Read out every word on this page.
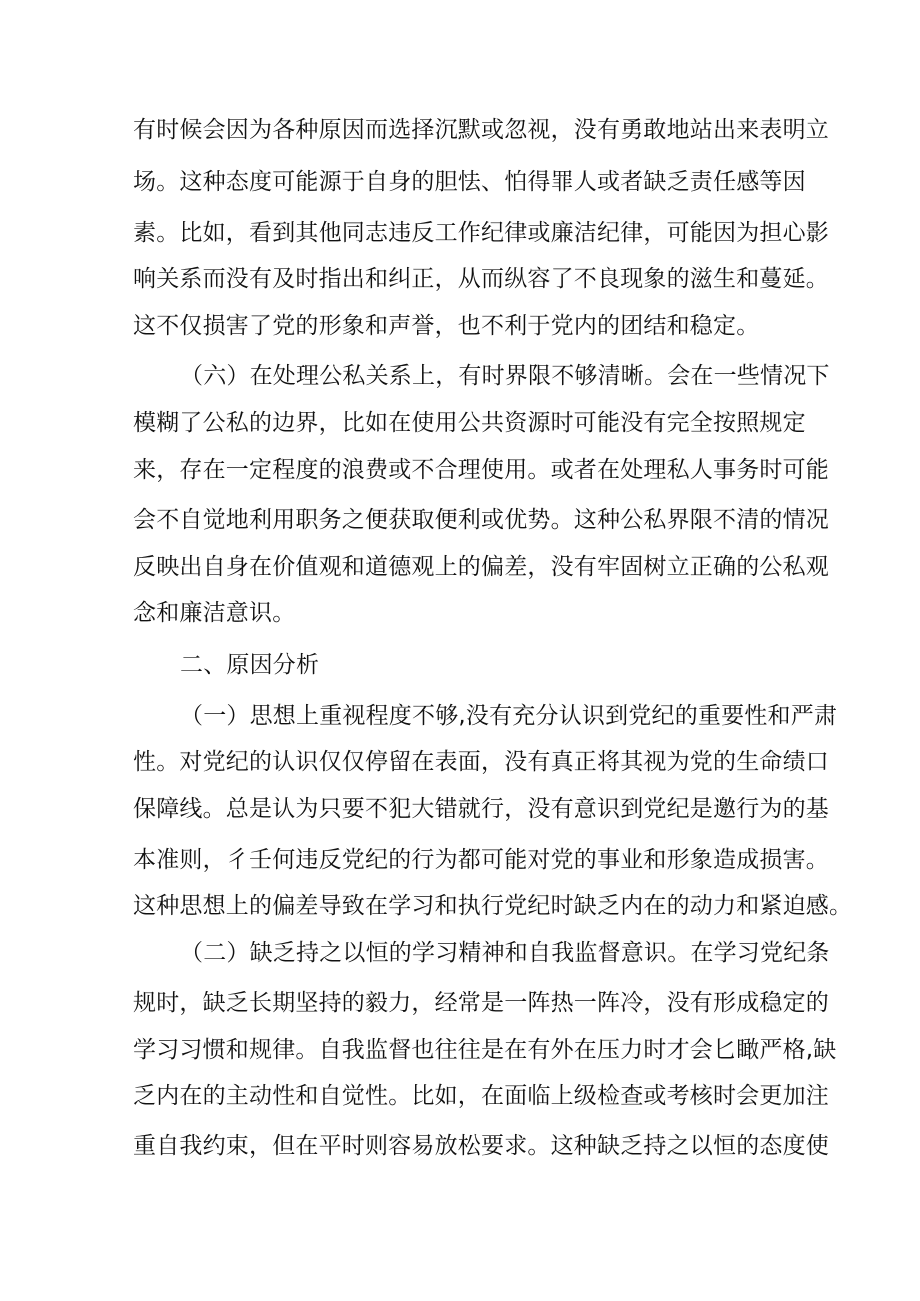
有时候会因为各种原因而选择沉默或忽视，没有勇敢地站出来表明立
场。这种态度可能源于自身的胆怯、怕得罪人或者缺乏责任感等因
素。比如，看到其他同志违反工作纪律或廉洁纪律，可能因为担心影
响关系而没有及时指出和纠正，从而纵容了不良现象的滋生和蔓延。
这不仅损害了党的形象和声誉，也不利于党内的团结和稳定。
（六）在处理公私关系上，有时界限不够清晰。会在一些情况下
模糊了公私的边界，比如在使用公共资源时可能没有完全按照规定
来，存在一定程度的浪费或不合理使用。或者在处理私人事务时可能
会不自觉地利用职务之便获取便利或优势。这种公私界限不清的情况
反映出自身在价值观和道德观上的偏差，没有牢固树立正确的公私观
念和廉洁意识。
二、原因分析
（一）思想上重视程度不够,没有充分认识到党纪的重要性和严肃
性。对党纪的认识仅仅停留在表面，没有真正将其视为党的生命绩口
保障线。总是认为只要不犯大错就行，没有意识到党纪是邀行为的基
本准则，彳壬何违反党纪的行为都可能对党的事业和形象造成损害。
这种思想上的偏差导致在学习和执行党纪时缺乏内在的动力和紧迫感。
（二）缺乏持之以恒的学习精神和自我监督意识。在学习党纪条
规时，缺乏长期坚持的毅力，经常是一阵热一阵冷，没有形成稳定的
学习习惯和规律。自我监督也往往是在有外在压力时才会匕瞰严格,缺
乏内在的主动性和自觉性。比如，在面临上级检查或考核时会更加注
重自我约束，但在平时则容易放松要求。这种缺乏持之以恒的态度使
